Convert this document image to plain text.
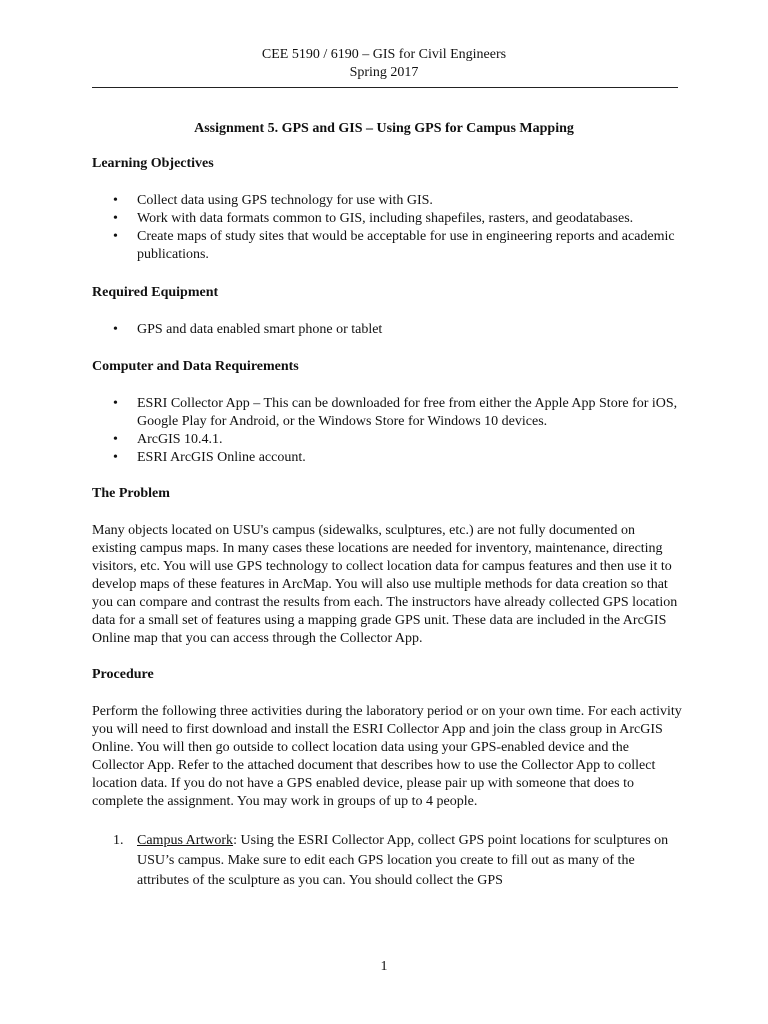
CEE 5190 / 6190 – GIS for Civil Engineers
Spring 2017
Assignment 5. GPS and GIS – Using GPS for Campus Mapping
Learning Objectives
• Collect data using GPS technology for use with GIS.
• Work with data formats common to GIS, including shapefiles, rasters, and geodatabases.
• Create maps of study sites that would be acceptable for use in engineering reports and academic publications.
Required Equipment
• GPS and data enabled smart phone or tablet
Computer and Data Requirements
• ESRI Collector App – This can be downloaded for free from either the Apple App Store for iOS, Google Play for Android, or the Windows Store for Windows 10 devices.
• ArcGIS 10.4.1.
• ESRI ArcGIS Online account.
The Problem

Many objects located on USU's campus (sidewalks, sculptures, etc.) are not fully documented on existing campus maps. In many cases these locations are needed for inventory, maintenance, directing visitors, etc. You will use GPS technology to collect location data for campus features and then use it to develop maps of these features in ArcMap. You will also use multiple methods for data creation so that you can compare and contrast the results from each. The instructors have already collected GPS location data for a small set of features using a mapping grade GPS unit. These data are included in the ArcGIS Online map that you can access through the Collector App.

Procedure

Perform the following three activities during the laboratory period or on your own time. For each activity you will need to first download and install the ESRI Collector App and join the class group in ArcGIS Online. You will then go outside to collect location data using your GPS-enabled device and the Collector App. Refer to the attached document that describes how to use the Collector App to collect location data. If you do not have a GPS enabled device, please pair up with someone that does to complete the assignment. You may work in groups of up to 4 people.

1. Campus Artwork: Using the ESRI Collector App, collect GPS point locations for sculptures on USU’s campus. Make sure to edit each GPS location you create to fill out as many of the attributes of the sculpture as you can. You should collect the GPS
1
